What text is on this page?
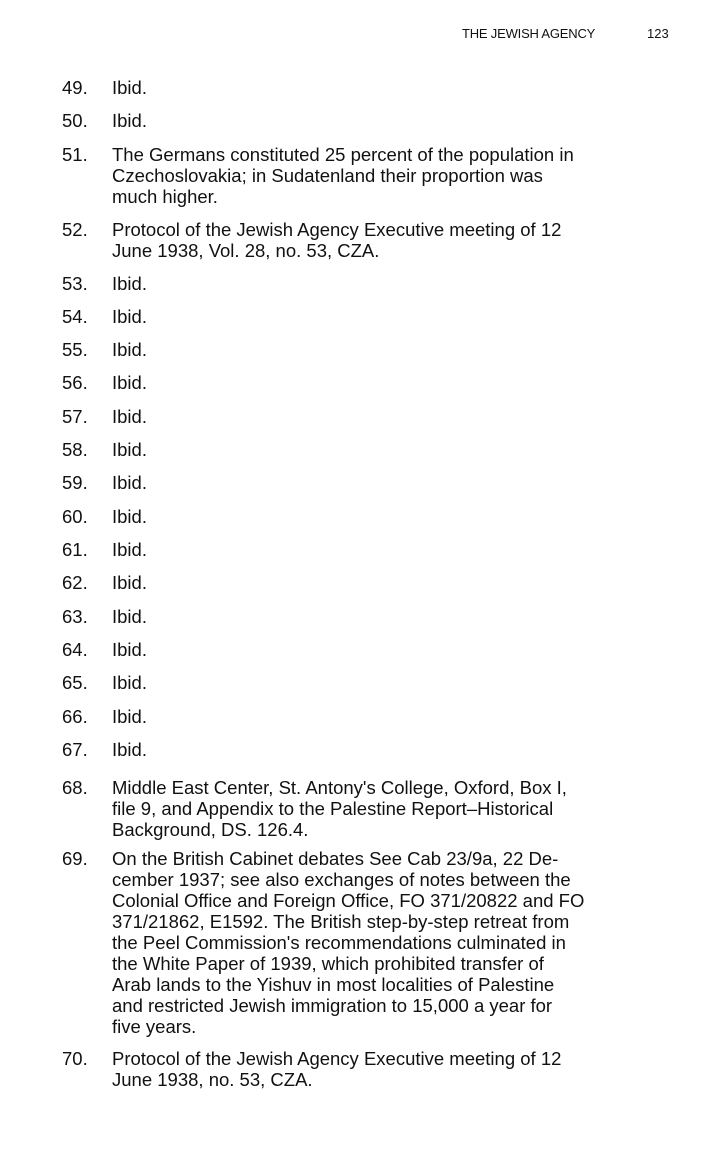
THE JEWISH AGENCY	123
49. Ibid.
50. Ibid.
51. The Germans constituted 25 percent of the population in
Czechoslovakia; in Sudatenland their proportion was
much higher.
52. Protocol of the Jewish Agency Executive meeting of 12
June 1938, Vol. 28, no. 53, CZA.
53. Ibid.
54. Ibid.
55. Ibid.
56. Ibid.
57. Ibid.
58. Ibid.
59. Ibid.
60. Ibid.
61. Ibid.
62. Ibid.
63. Ibid.
64. Ibid.
65. Ibid.
66. Ibid.
67. Ibid.
68. Middle East Center, St. Antony's College, Oxford, Box I,
file 9, and Appendix to the Palestine Report–Historical
Background, DS. 126.4.
69. On the British Cabinet debates See Cab 23/9a, 22 De-
cember 1937; see also exchanges of notes between the
Colonial Office and Foreign Office, FO 371/20822 and FO
371/21862, E1592. The British step-by-step retreat from
the Peel Commission's recommendations culminated in
the White Paper of 1939, which prohibited transfer of
Arab lands to the Yishuv in most localities of Palestine
and restricted Jewish immigration to 15,000 a year for
five years.
70. Protocol of the Jewish Agency Executive meeting of 12
June 1938, no. 53, CZA.
